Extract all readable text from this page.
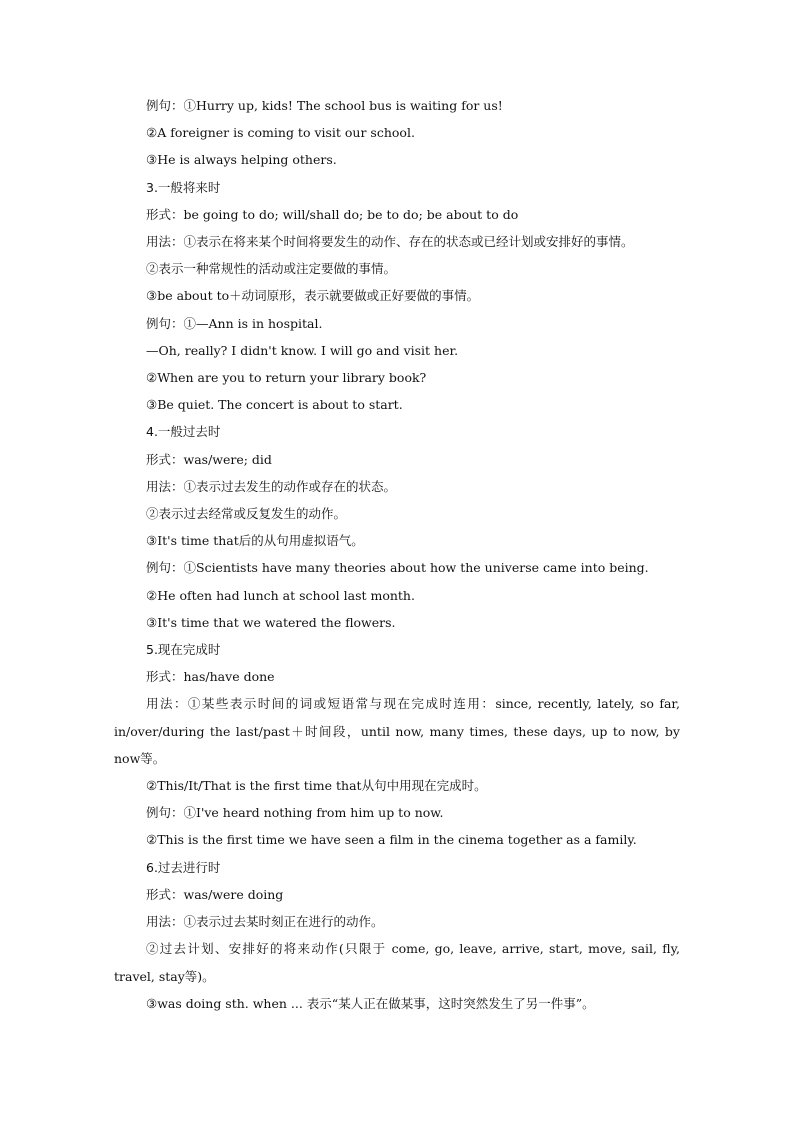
例句：①Hurry up, kids! The school bus is waiting for us!

②A foreigner is coming to visit our school.

③He is always helping others.

3.一般将来时

形式：be going to do; will/shall do; be to do; be about to do

用法：①表示在将来某个时间将要发生的动作、存在的状态或已经计划或安排好的事情。

②表示一种常规性的活动或注定要做的事情。

③be about to＋动词原形，表示就要做或正好要做的事情。

例句：①—Ann is in hospital.

—Oh, really? I didn't know. I will go and visit her.

②When are you to return your library book?

③Be quiet. The concert is about to start.

4.一般过去时

形式：was/were; did

用法：①表示过去发生的动作或存在的状态。

②表示过去经常或反复发生的动作。

③It's time that后的从句用虚拟语气。

例句：①Scientists have many theories about how the universe came into being.

②He often had lunch at school last month.

③It's time that we watered the flowers.

5.现在完成时

形式：has/have done

用法：①某些表示时间的词或短语常与现在完成时连用：since, recently, lately, so far, in/over/during the last/past＋时间段，until now, many times, these days, up to now, by now等。

②This/It/That is the first time that从句中用现在完成时。

例句：①I've heard nothing from him up to now.

②This is the first time we have seen a film in the cinema together as a family.

6.过去进行时

形式：was/were doing

用法：①表示过去某时刻正在进行的动作。

②过去计划、安排好的将来动作(只限于 come, go, leave, arrive, start, move, sail, fly, travel, stay等)。

③was doing sth. when ... 表示“某人正在做某事，这时突然发生了另一件事”。
